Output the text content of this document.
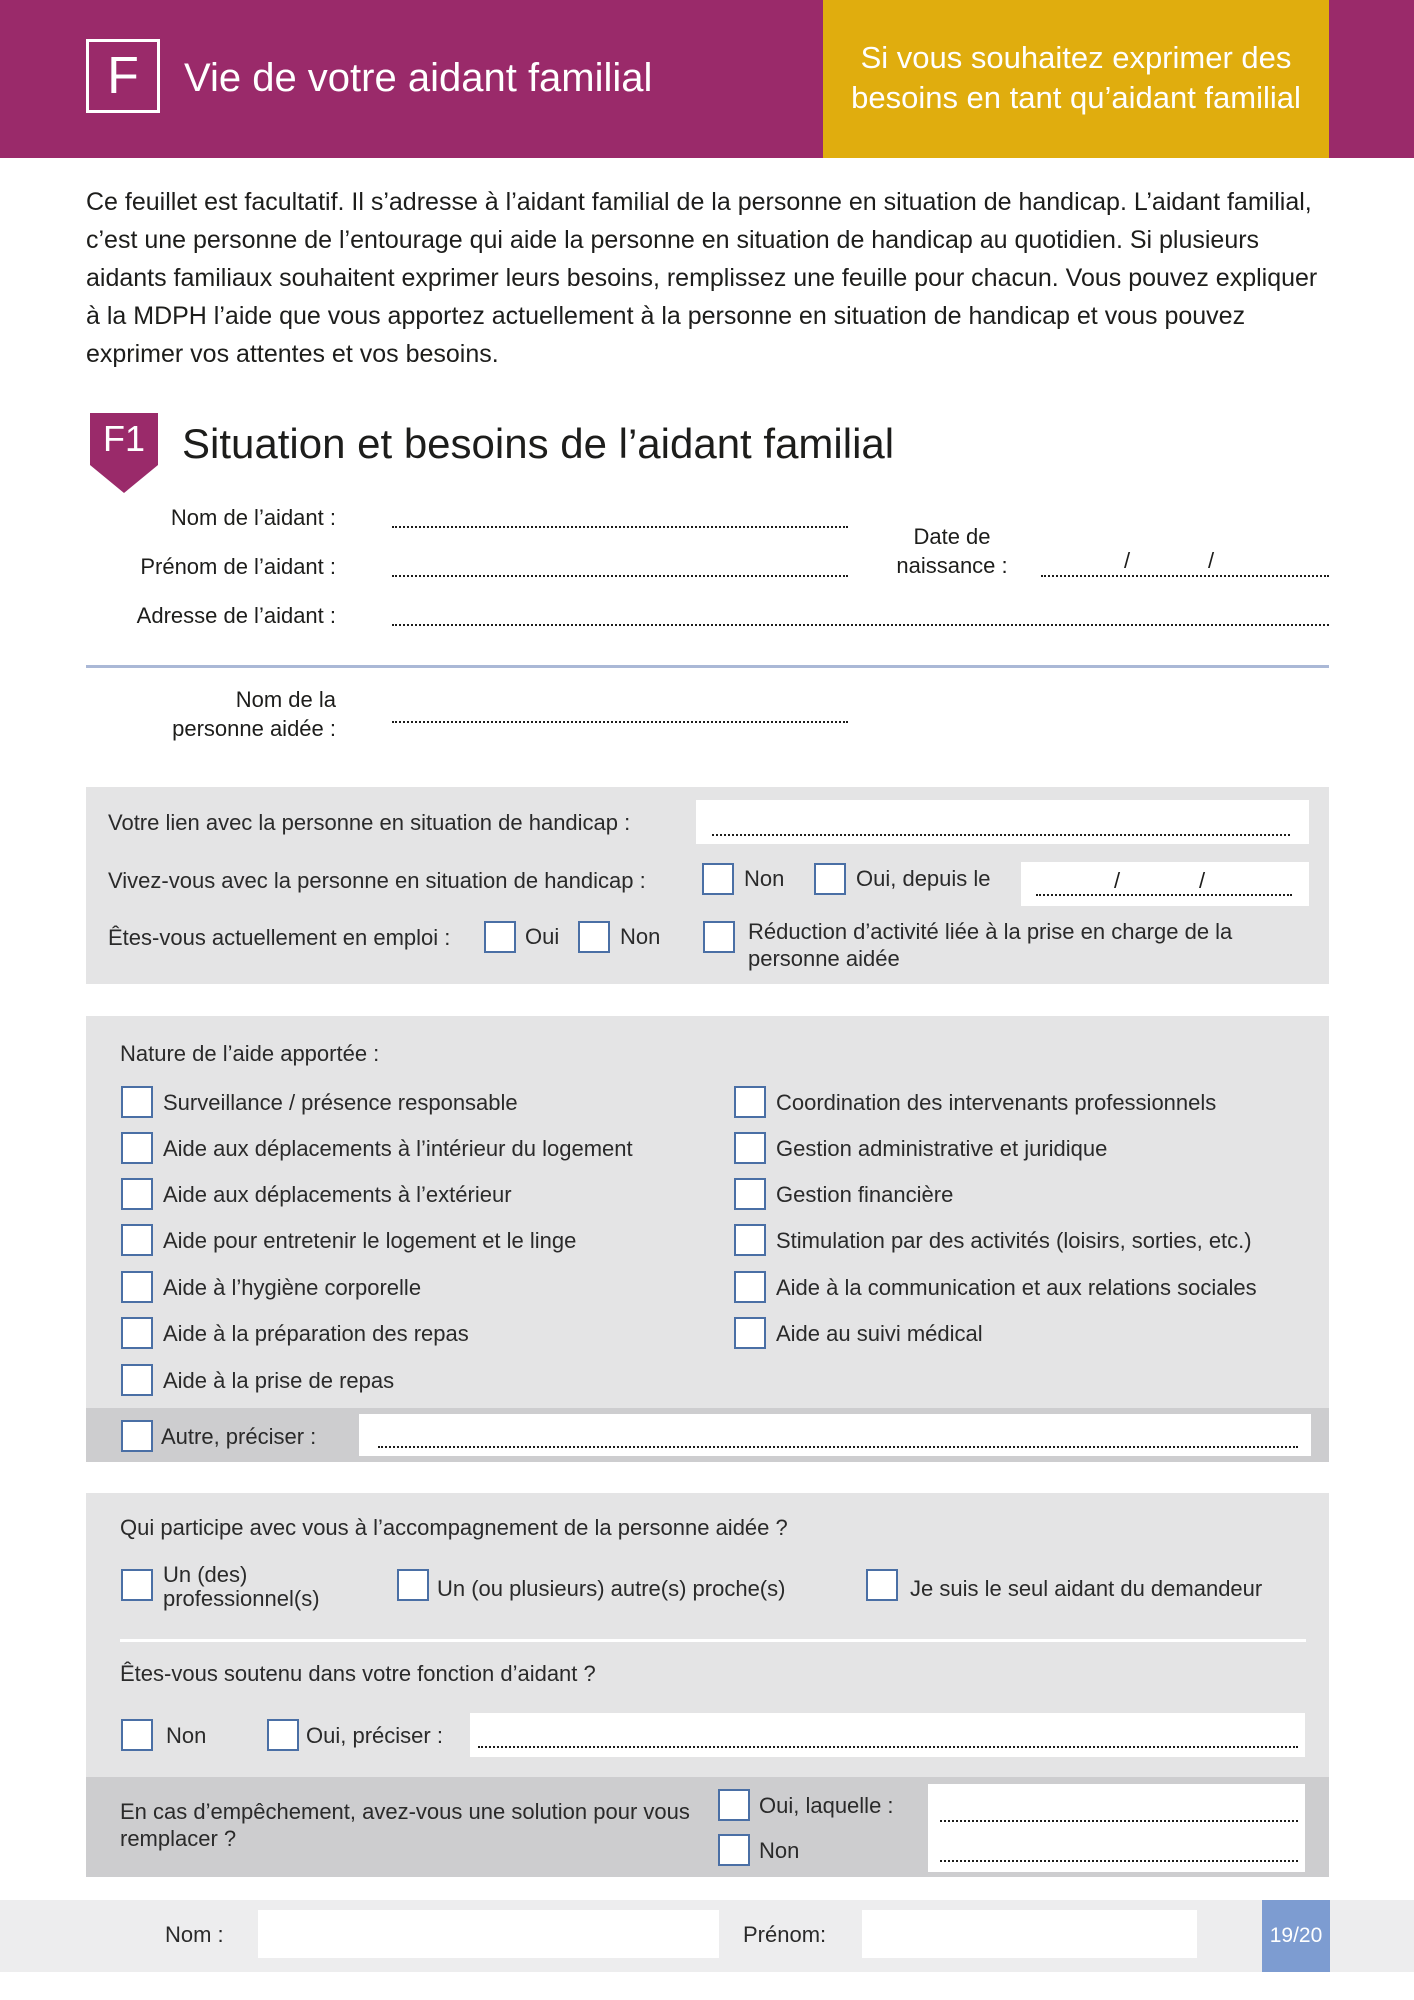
F	Vie de votre aidant familial	Si vous souhaitez exprimer des besoins en tant qu’aidant familial
Ce feuillet est facultatif. Il s’adresse à l’aidant familial de la personne en situation de handicap. L’aidant familial, c’est une personne de l’entourage qui aide la personne en situation de handicap au quotidien. Si plusieurs aidants familiaux souhaitent exprimer leurs besoins, remplissez une feuille pour chacun. Vous pouvez expliquer à la MDPH l’aide que vous apportez actuellement à la personne en situation de handicap et vous pouvez exprimer vos attentes et vos besoins.
F1 Situation et besoins de l’aidant familial
Nom de l’aidant :
Prénom de l’aidant :
Adresse de l’aidant :
Date de
naissance :	/	/
Nom de la
personne aidée :
Votre lien avec la personne en situation de handicap :
Vivez-vous avec la personne en situation de handicap :	Non	Oui, depuis le	/	/
Êtes-vous actuellement en emploi :	Oui	Non	Réduction d’activité liée à la prise en charge de la personne aidée
Nature de l’aide apportée :
Surveillance / présence responsable
Aide aux déplacements à l’intérieur du logement
Aide aux déplacements à l’extérieur
Aide pour entretenir le logement et le linge
Aide à l’hygiène corporelle
Aide à la préparation des repas
Aide à la prise de repas
Coordination des intervenants professionnels
Gestion administrative et juridique
Gestion financière
Stimulation par des activités (loisirs, sorties, etc.)
Aide à la communication et aux relations sociales
Aide au suivi médical
Autre, préciser :
Qui participe avec vous à l’accompagnement de la personne aidée ?
Un (des) professionnel(s)	Un (ou plusieurs) autre(s) proche(s)	Je suis le seul aidant du demandeur
Êtes-vous soutenu dans votre fonction d’aidant ?
Non	Oui, préciser :
En cas d’empêchement, avez-vous une solution pour vous remplacer ?
Oui, laquelle :
Non
Nom :	Prénom:	19/20
